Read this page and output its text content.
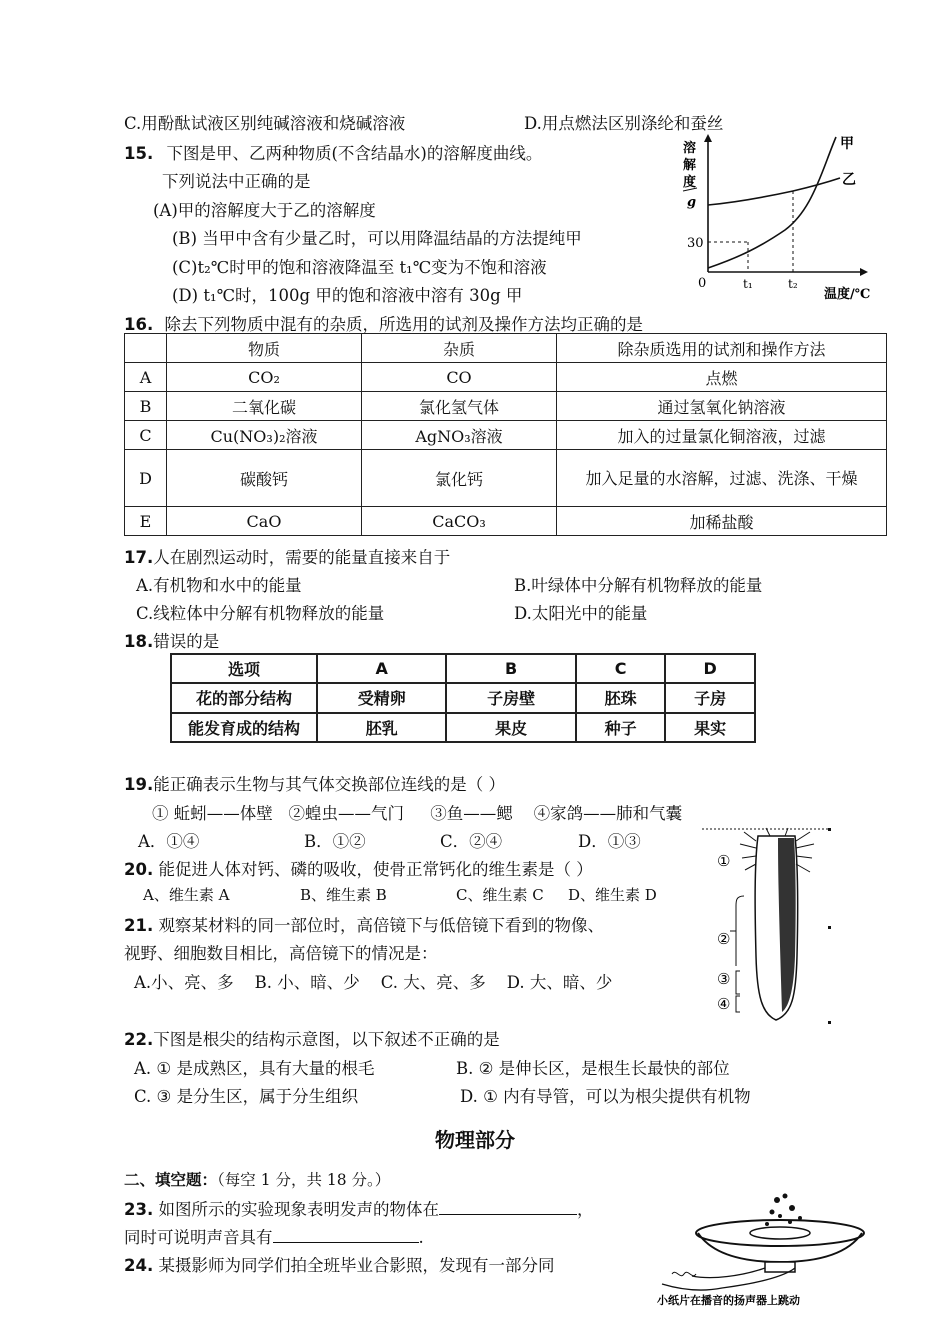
C.用酚酞试液区别纯碱溶液和烧碱溶液	D.用点燃法区别涤纶和蚕丝
15. 下图是甲、乙两种物质(不含结晶水)的溶解度曲线。
下列说法中正确的是
(A)甲的溶解度大于乙的溶解度
(B) 当甲中含有少量乙时，可以用降温结晶的方法提纯甲
(C)t₂℃时甲的饱和溶液降温至 t₁℃变为不饱和溶液
(D) t₁℃时，100g 甲的饱和溶液中溶有 30g 甲
溶
解
度
g
30
0	t₁	t₂
温度/℃
甲
乙
16. 除去下列物质中混有的杂质，所选用的试剂及操作方法均正确的是
	物质	杂质	除杂质选用的试剂和操作方法
A	CO₂	CO	点燃
B	二氧化碳	氯化氢气体	通过氢氧化钠溶液
C	Cu(NO₃)₂溶液	AgNO₃溶液	加入的过量氯化铜溶液，过滤
D	碳酸钙	氯化钙	加入足量的水溶解，过滤、洗涤、干燥
E	CaO	CaCO₃	加稀盐酸
17.人在剧烈运动时，需要的能量直接来自于
A.有机物和水中的能量	B.叶绿体中分解有机物释放的能量
C.线粒体中分解有机物释放的能量	D.太阳光中的能量
18.错误的是
选项	A	B	C	D
花的部分结构	受精卵	子房壁	胚珠	子房
能发育成的结构	胚乳	果皮	种子	果实
19.能正确表示生物与其气体交换部位连线的是（ ）
① 蚯蚓——体壁   ②蝗虫——气门     ③鱼——鳃    ④家鸽——肺和气囊
A．①④	B．①②	C．②④	D．①③
20. 能促进人体对钙、磷的吸收，使骨正常钙化的维生素是（ ）
A、维生素 A	B、维生素 B	C、维生素 C D、维生素 D
21. 观察某材料的同一部位时，高倍镜下与低倍镜下看到的物像、
视野、细胞数目相比，高倍镜下的情况是：
A.小、亮、多    B. 小、暗、少    C. 大、亮、多    D. 大、暗、少
①
②
③
④
22.下图是根尖的结构示意图，以下叙述不正确的是
A. ① 是成熟区，具有大量的根毛	B. ② 是伸长区，是根生长最快的部位
C. ③ 是分生区，属于分生组织	D. ① 内有导管，可以为根尖提供有机物
物理部分
二、填空题：（每空 1 分，共 18 分。）
23. 如图所示的实验现象表明发声的物体在	，
同时可说明声音具有	.
24. 某摄影师为同学们拍全班毕业合影照，发现有一部分同
小纸片在播音的扬声器上跳动
